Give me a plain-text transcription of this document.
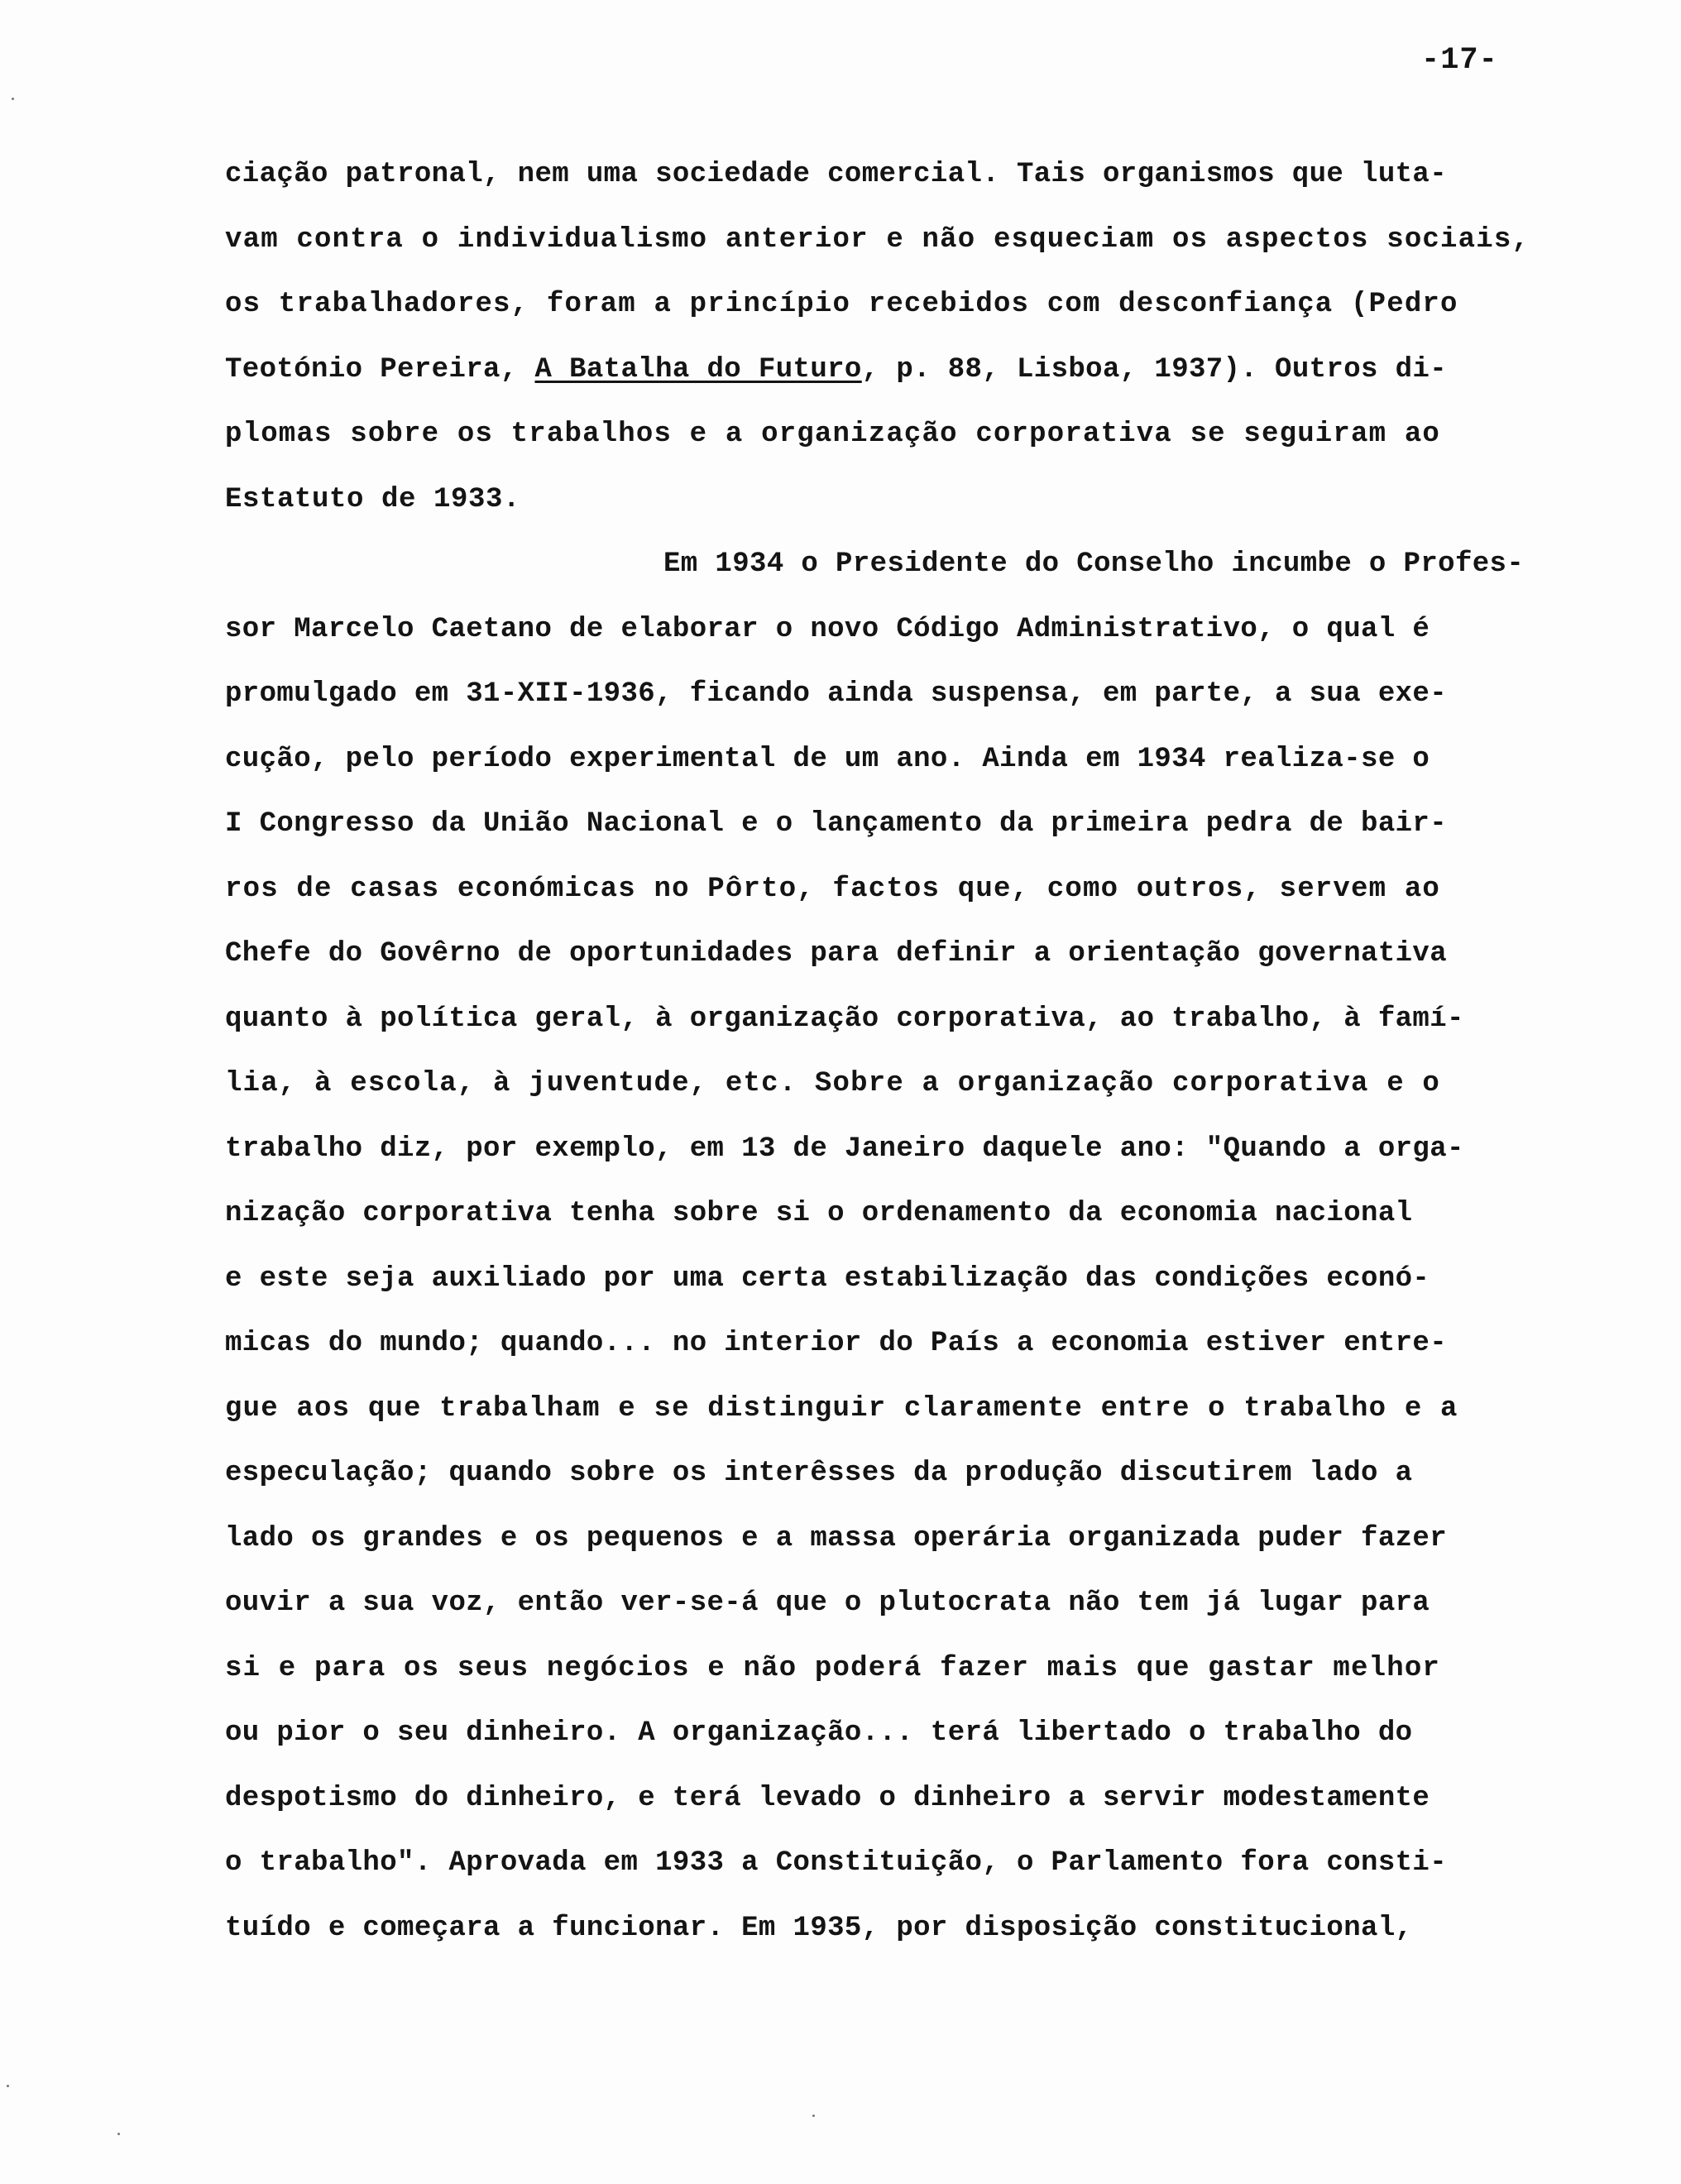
-17-
ciação patronal, nem uma sociedade comercial. Tais organismos que luta-
vam contra o individualismo anterior e não esqueciam os aspectos sociais,
os trabalhadores, foram a princípio recebidos com desconfiança (Pedro
Teotónio Pereira, A Batalha do Futuro, p. 88, Lisboa, 1937). Outros di-
plomas sobre os trabalhos e a organização corporativa se seguiram ao
Estatuto de 1933.
Em 1934 o Presidente do Conselho incumbe o Profes-
sor Marcelo Caetano de elaborar o novo Código Administrativo, o qual é
promulgado em 31-XII-1936, ficando ainda suspensa, em parte, a sua exe-
cução, pelo período experimental de um ano. Ainda em 1934 realiza-se o
I Congresso da União Nacional e o lançamento da primeira pedra de bair-
ros de casas económicas no Pôrto, factos que, como outros, servem ao
Chefe do Govêrno de oportunidades para definir a orientação governativa
quanto à política geral, à organização corporativa, ao trabalho, à famí-
lia, à escola, à juventude, etc. Sobre a organização corporativa e o
trabalho diz, por exemplo, em 13 de Janeiro daquele ano: "Quando a orga-
nização corporativa tenha sobre si o ordenamento da economia nacional
e este seja auxiliado por uma certa estabilização das condições econó-
micas do mundo; quando... no interior do País a economia estiver entre-
gue aos que trabalham e se distinguir claramente entre o trabalho e a
especulação; quando sobre os interêsses da produção discutirem lado a
lado os grandes e os pequenos e a massa operária organizada puder fazer
ouvir a sua voz, então ver-se-á que o plutocrata não tem já lugar para
si e para os seus negócios e não poderá fazer mais que gastar melhor
ou pior o seu dinheiro. A organização... terá libertado o trabalho do
despotismo do dinheiro, e terá levado o dinheiro a servir modestamente
o trabalho". Aprovada em 1933 a Constituição, o Parlamento fora consti-
tuído e começara a funcionar. Em 1935, por disposição constitucional,
